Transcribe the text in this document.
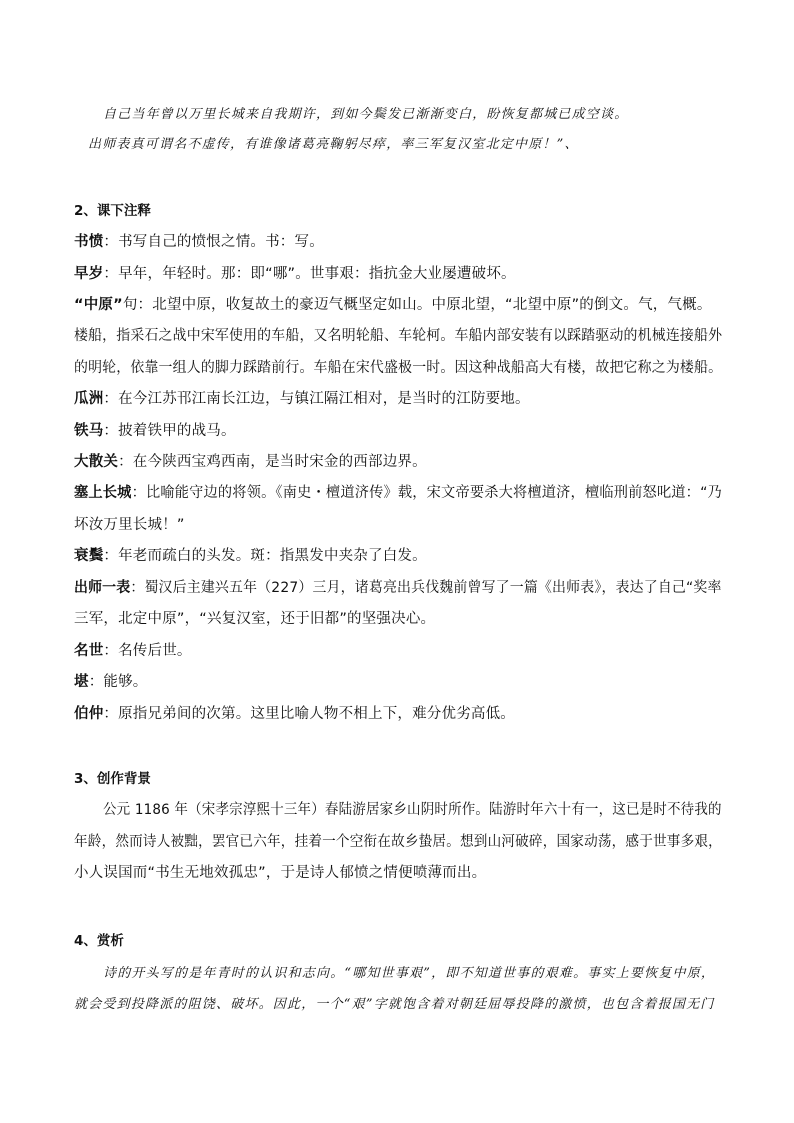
自己当年曾以万里长城来自我期许，到如今鬓发已渐渐变白，盼恢复都城已成空谈。
出师表真可谓名不虚传，有谁像诸葛亮鞠躬尽瘁，率三军复汉室北定中原！”、
2、课下注释
书愤：书写自己的愤恨之情。书：写。
早岁：早年，年轻时。那：即“哪”。世事艰：指抗金大业屡遭破坏。
“中原”句：北望中原，收复故土的豪迈气概坚定如山。中原北望，“北望中原”的倒文。气，气概。
楼船，指采石之战中宋军使用的车船，又名明轮船、车轮柯。车船内部安装有以踩踏驱动的机械连接船外
的明轮，依靠一组人的脚力踩踏前行。车船在宋代盛极一时。因这种战船高大有楼，故把它称之为楼船。
瓜洲：在今江苏邗江南长江边，与镇江隔江相对，是当时的江防要地。
铁马：披着铁甲的战马。
大散关：在今陕西宝鸡西南，是当时宋金的西部边界。
塞上长城：比喻能守边的将领。《南史・檀道济传》载，宋文帝要杀大将檀道济，檀临刑前怒叱道：“乃
坏汝万里长城！”
衰鬓：年老而疏白的头发。斑：指黑发中夹杂了白发。
出师一表：蜀汉后主建兴五年（227）三月，诸葛亮出兵伐魏前曾写了一篇《出师表》，表达了自己“奖率
三军，北定中原”，“兴复汉室，还于旧都”的坚强决心。
名世：名传后世。
堪：能够。
伯仲：原指兄弟间的次第。这里比喻人物不相上下，难分优劣高低。
3、创作背景
公元 1186 年（宋孝宗淳熙十三年）春陆游居家乡山阴时所作。陆游时年六十有一，这已是时不待我的
年龄，然而诗人被黜，罢官已六年，挂着一个空衔在故乡蛰居。想到山河破碎，国家动荡，感于世事多艰，
小人误国而“书生无地效孤忠”，于是诗人郁愤之情便喷薄而出。
4、赏析
诗的开头写的是年青时的认识和志向。“哪知世事艰”，即不知道世事的艰难。事实上要恢复中原，
就会受到投降派的阻饶、破坏。因此，一个“艰”字就饱含着对朝廷屈辱投降的激愤，也包含着报国无门
